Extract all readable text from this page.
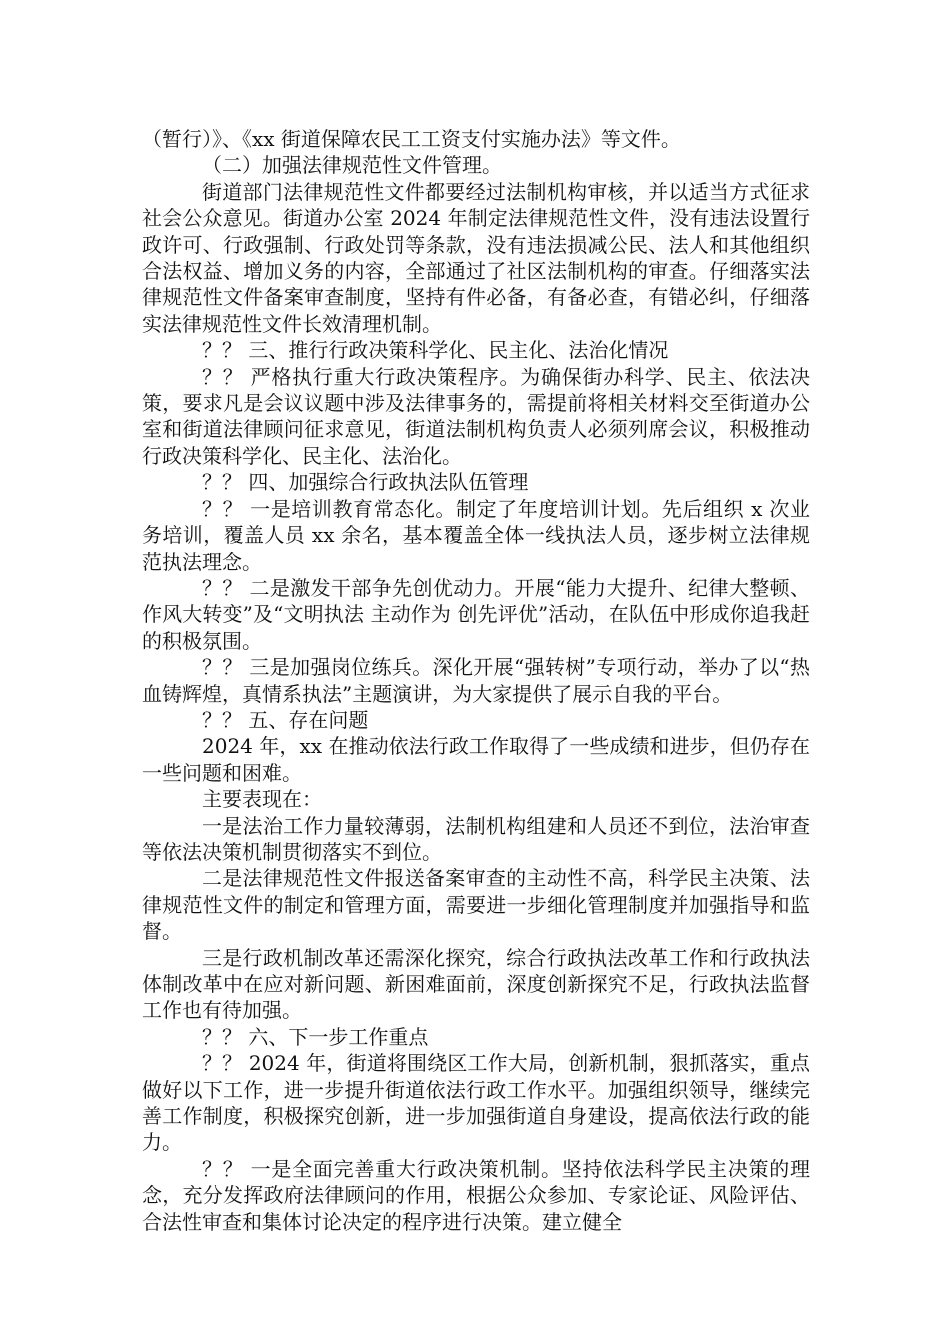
（暂行）》、《xx 街道保障农民工工资支付实施办法》等文件。

（二）加强法律规范性文件管理。

街道部门法律规范性文件都要经过法制机构审核，并以适当方式征求社会公众意见。街道办公室 2024 年制定法律规范性文件，没有违法设置行政许可、行政强制、行政处罚等条款，没有违法损减公民、法人和其他组织合法权益、增加义务的内容，全部通过了社区法制机构的审查。仔细落实法律规范性文件备案审查制度，坚持有件必备，有备必查，有错必纠，仔细落实法律规范性文件长效清理机制。

？？ 三、推行行政决策科学化、民主化、法治化情况

？？ 严格执行重大行政决策程序。为确保街办科学、民主、依法决策，要求凡是会议议题中涉及法律事务的，需提前将相关材料交至街道办公室和街道法律顾问征求意见，街道法制机构负责人必须列席会议，积极推动行政决策科学化、民主化、法治化。

？？ 四、加强综合行政执法队伍管理

？？ 一是培训教育常态化。制定了年度培训计划。先后组织 x 次业务培训，覆盖人员 xx 余名，基本覆盖全体一线执法人员，逐步树立法律规范执法理念。

？？ 二是激发干部争先创优动力。开展“能力大提升、纪律大整顿、作风大转变”及“文明执法 主动作为 创先评优”活动，在队伍中形成你追我赶的积极氛围。

？？ 三是加强岗位练兵。深化开展“强转树”专项行动，举办了以“热血铸辉煌，真情系执法”主题演讲，为大家提供了展示自我的平台。

？？ 五、存在问题

2024 年，xx 在推动依法行政工作取得了一些成绩和进步，但仍存在一些问题和困难。

主要表现在：

一是法治工作力量较薄弱，法制机构组建和人员还不到位，法治审查等依法决策机制贯彻落实不到位。

二是法律规范性文件报送备案审查的主动性不高，科学民主决策、法律规范性文件的制定和管理方面，需要进一步细化管理制度并加强指导和监督。

三是行政机制改革还需深化探究，综合行政执法改革工作和行政执法体制改革中在应对新问题、新困难面前，深度创新探究不足，行政执法监督工作也有待加强。

？？ 六、下一步工作重点

？？ 2024 年，街道将围绕区工作大局，创新机制，狠抓落实，重点做好以下工作，进一步提升街道依法行政工作水平。加强组织领导，继续完善工作制度，积极探究创新，进一步加强街道自身建设，提高依法行政的能力。

？？ 一是全面完善重大行政决策机制。坚持依法科学民主决策的理念，充分发挥政府法律顾问的作用，根据公众参加、专家论证、风险评估、合法性审查和集体讨论决定的程序进行决策。建立健全
